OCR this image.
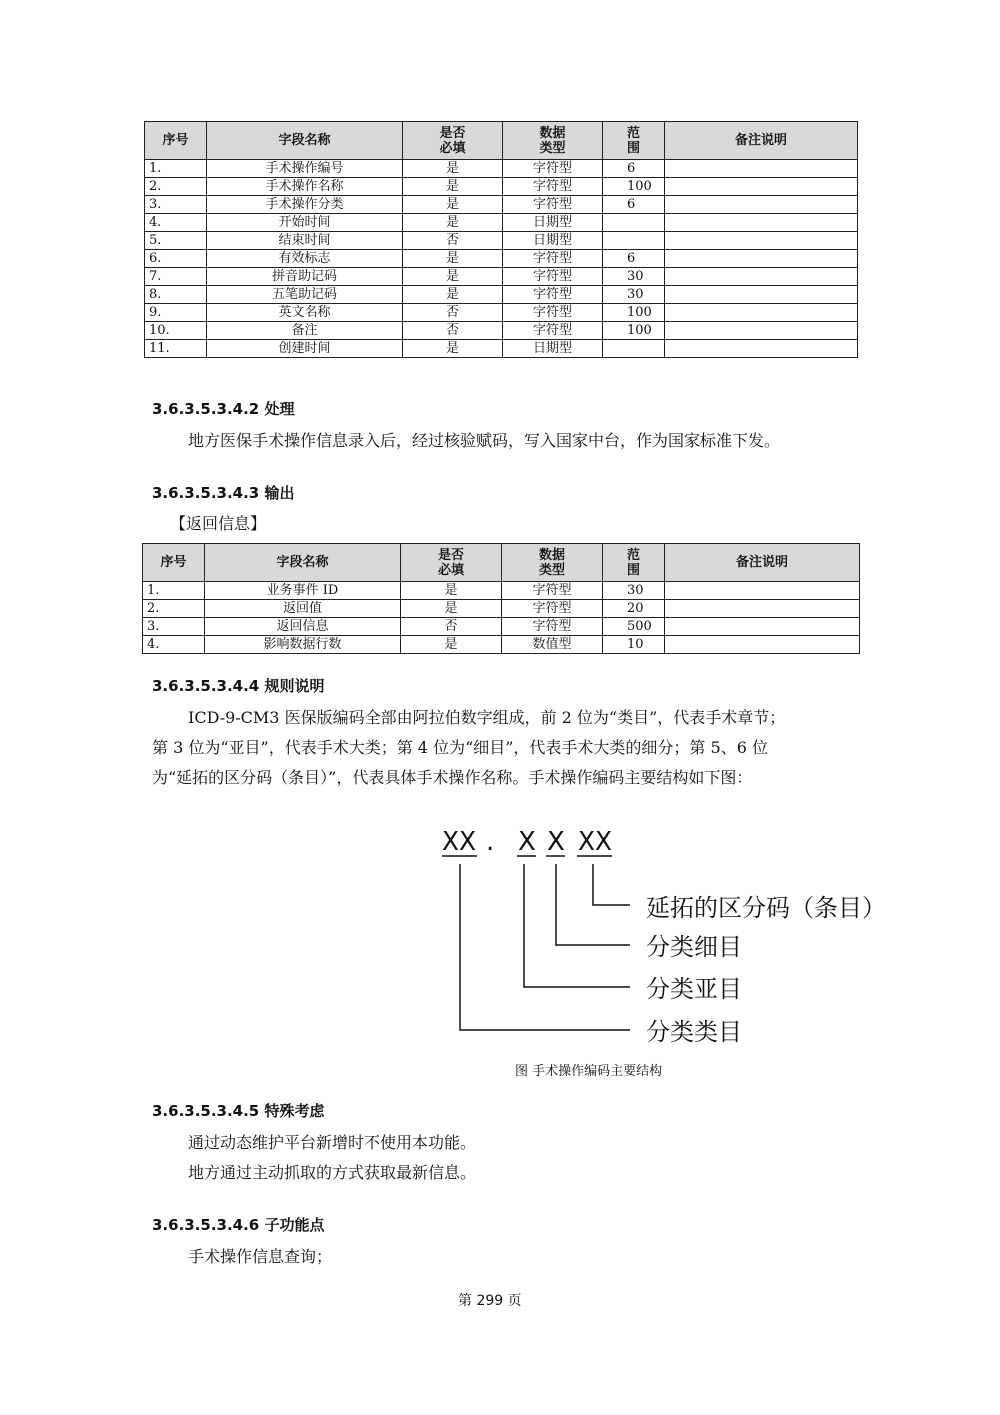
序号	字段名称	是否必填	数据类型	范围	备注说明

1.	手术操作编号	是	字符型	6	
2.	手术操作名称	是	字符型	100	
3.	手术操作分类	是	字符型	6	
4.	开始时间	是	日期型		
5.	结束时间	否	日期型		
6.	有效标志	是	字符型	6	
7.	拼音助记码	是	字符型	30	
8.	五笔助记码	是	字符型	30	
9.	英文名称	否	字符型	100	
10.	备注	否	字符型	100	
11.	创建时间	是	日期型		
3.6.3.5.3.4.2 处理
地方医保手术操作信息录入后，经过核验赋码，写入国家中台，作为国家标准下发。
3.6.3.5.3.4.3 输出
【返回信息】
序号	字段名称	是否必填	数据类型	范围	备注说明

1.	业务事件 ID	是	字符型	30	
2.	返回值	是	字符型	20	
3.	返回信息	否	字符型	500	
4.	影响数据行数	是	数值型	10	
3.6.3.5.3.4.4 规则说明
ICD-9-CM3 医保版编码全部由阿拉伯数字组成，前 2 位为“类目”，代表手术章节；
第 3 位为“亚目”，代表手术大类；第 4 位为“细目”，代表手术大类的细分；第 5、6 位
为“延拓的区分码（条目）”，代表具体手术操作名称。手术操作编码主要结构如下图：
XX . X X XX
延拓的区分码（条目）
分类细目
分类亚目
分类类目
图 手术操作编码主要结构
3.6.3.5.3.4.5 特殊考虑
通过动态维护平台新增时不使用本功能。
地方通过主动抓取的方式获取最新信息。
3.6.3.5.3.4.6 子功能点
手术操作信息查询；
第 299 页
